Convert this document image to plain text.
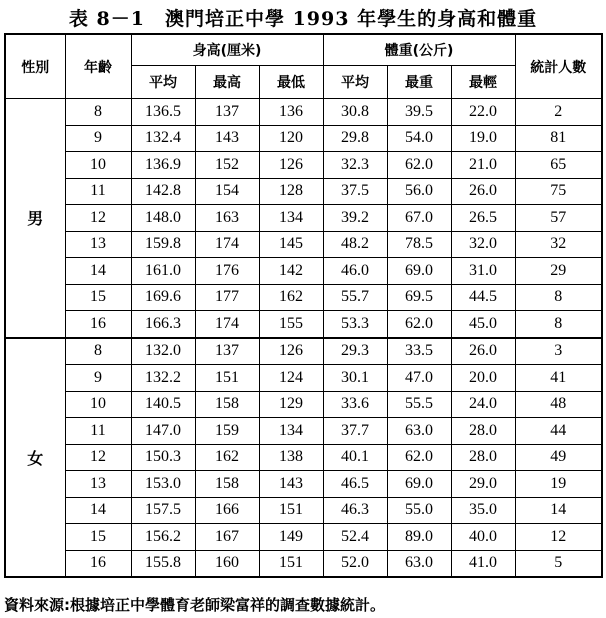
表 8－1　澳門培正中學 1993 年學生的身高和體重
性別	年齡	身高(厘米)			體重(公斤)			統計人數
		平均	最高	最低	平均	最重	最輕	
男	8	136.5	137	136	30.8	39.5	22.0	2
	9	132.4	143	120	29.8	54.0	19.0	81
	10	136.9	152	126	32.3	62.0	21.0	65
	11	142.8	154	128	37.5	56.0	26.0	75
	12	148.0	163	134	39.2	67.0	26.5	57
	13	159.8	174	145	48.2	78.5	32.0	32
	14	161.0	176	142	46.0	69.0	31.0	29
	15	169.6	177	162	55.7	69.5	44.5	8
	16	166.3	174	155	53.3	62.0	45.0	8
女	8	132.0	137	126	29.3	33.5	26.0	3
	9	132.2	151	124	30.1	47.0	20.0	41
	10	140.5	158	129	33.6	55.5	24.0	48
	11	147.0	159	134	37.7	63.0	28.0	44
	12	150.3	162	138	40.1	62.0	28.0	49
	13	153.0	158	143	46.5	69.0	29.0	19
	14	157.5	166	151	46.3	55.0	35.0	14
	15	156.2	167	149	52.4	89.0	40.0	12
	16	155.8	160	151	52.0	63.0	41.0	5
資料來源:根據培正中學體育老師梁富祥的調查數據統計。
